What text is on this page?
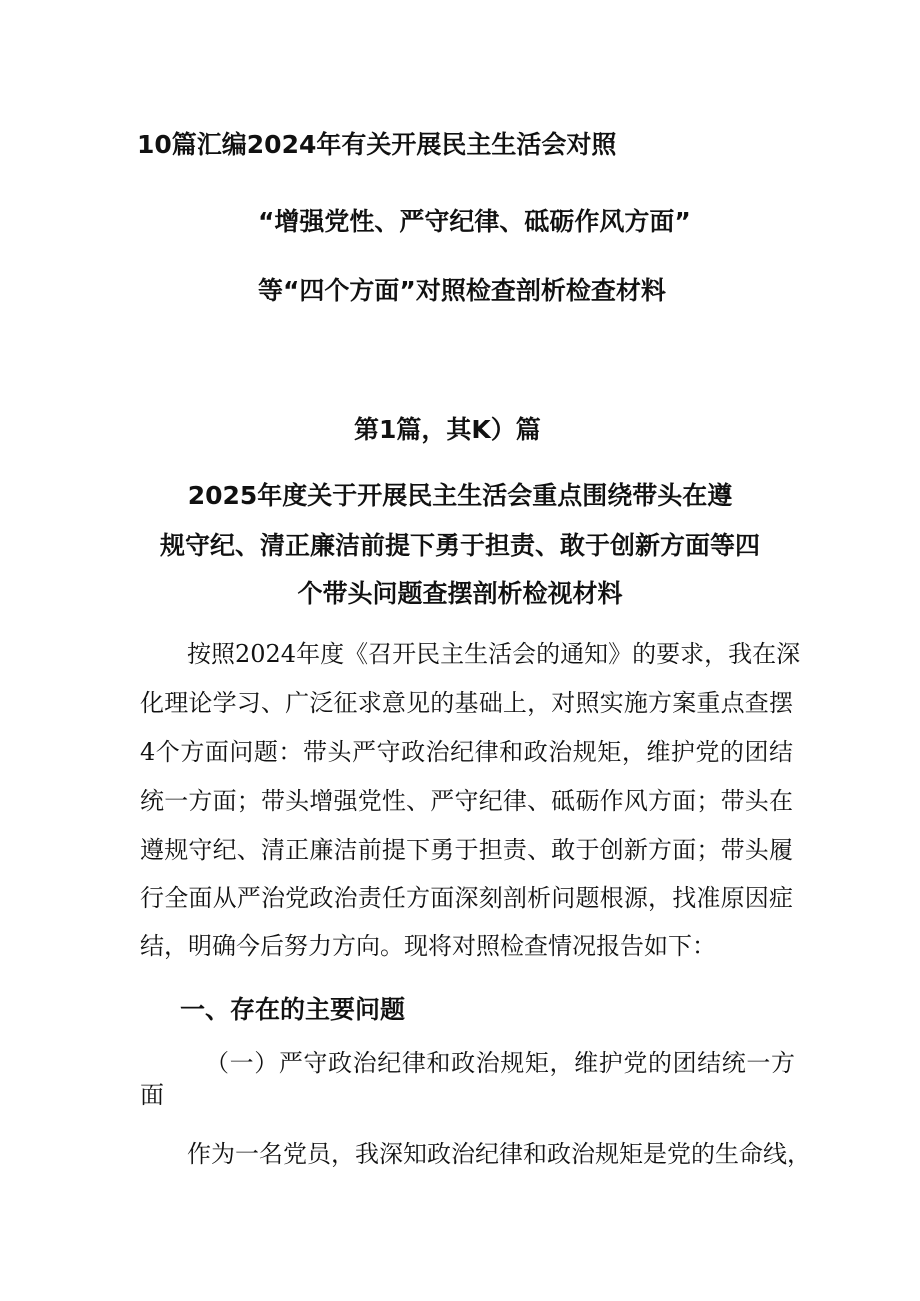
10篇汇编2024年有关开展民主生活会对照
“增强党性、严守纪律、砥砺作风方面”
等“四个方面”对照检查剖析检查材料
第1篇，其K）篇
2025年度关于开展民主生活会重点围绕带头在遵
规守纪、清正廉洁前提下勇于担责、敢于创新方面等四
个带头问题查摆剖析检视材料
按照2024年度《召开民主生活会的通知》的要求，我在深
化理论学习、广泛征求意见的基础上，对照实施方案重点查摆
4个方面问题：带头严守政治纪律和政治规矩，维护党的团结
统一方面；带头增强党性、严守纪律、砥砺作风方面；带头在
遵规守纪、清正廉洁前提下勇于担责、敢于创新方面；带头履
行全面从严治党政治责任方面深刻剖析问题根源，找准原因症
结，明确今后努力方向。现将对照检查情况报告如下：
一、存在的主要问题
（一）严守政治纪律和政治规矩，维护党的团结统一方
面
作为一名党员，我深知政治纪律和政治规矩是党的生命线，
